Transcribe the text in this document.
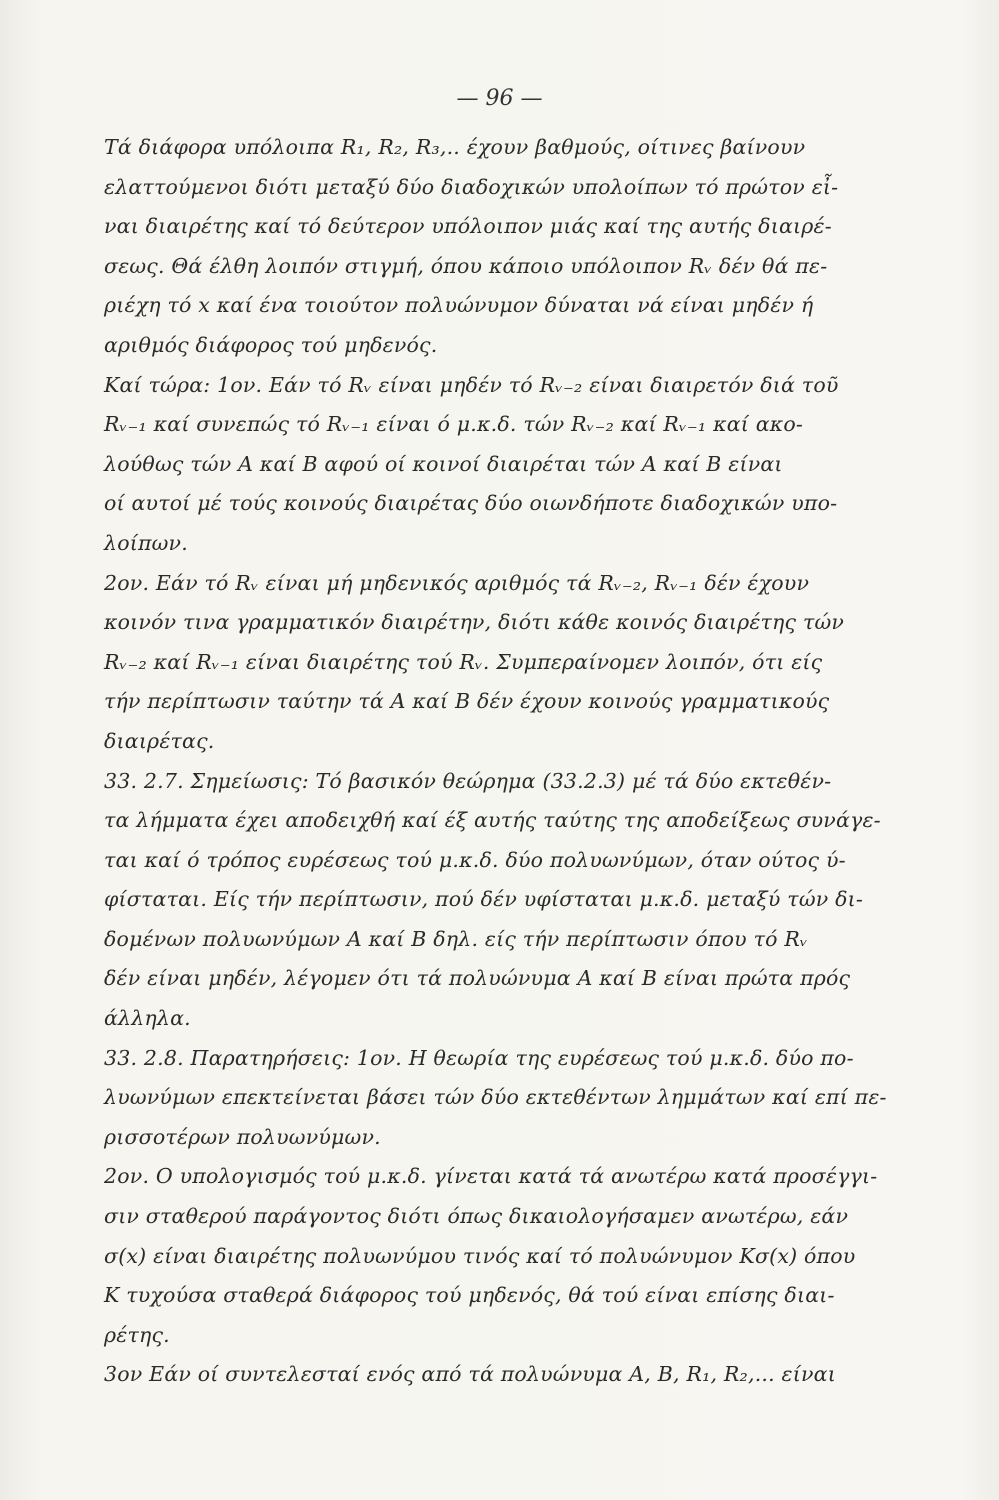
— 96 —
Τά διάφορα υπόλοιπα R₁, R₂, R₃,.. έχουν βαθμούς, οίτινες βαίνουν
ελαττούμενοι διότι μεταξύ δύο διαδοχικών υπολοίπων τό πρώτον εἶ-
ναι διαιρέτης καί τό δεύτερον υπόλοιπον μιάς καί της αυτής διαιρέ-
σεως. Θά έλθη λοιπόν στιγμή, όπου κάποιο υπόλοιπον Rᵥ δέν θά πε-
ριέχη τό x καί ένα τοιούτον πολυώνυμον δύναται νά είναι μηδέν ή
αριθμός διάφορος τού μηδενός.
Καί τώρα: 1ον. Εάν τό Rᵥ είναι μηδέν τό Rᵥ₋₂ είναι διαιρετόν διά τοῦ
Rᵥ₋₁ καί συνεπώς τό Rᵥ₋₁ είναι ό μ.κ.δ. τών Rᵥ₋₂ καί Rᵥ₋₁ καί ακο-
λούθως τών Α καί Β αφού οί κοινοί διαιρέται τών Α καί Β είναι
οί αυτοί μέ τούς κοινούς διαιρέτας δύο οιωνδήποτε διαδοχικών υπο-
λοίπων.
2ον. Εάν τό Rᵥ είναι μή μηδενικός αριθμός τά Rᵥ₋₂, Rᵥ₋₁ δέν έχουν
κοινόν τινα γραμματικόν διαιρέτην, διότι κάθε κοινός διαιρέτης τών
Rᵥ₋₂ καί Rᵥ₋₁ είναι διαιρέτης τού Rᵥ. Συμπεραίνομεν λοιπόν, ότι είς
τήν περίπτωσιν ταύτην τά Α καί Β δέν έχουν κοινούς γραμματικούς
διαιρέτας.
33. 2.7. Σημείωσις: Τό βασικόν θεώρημα (33.2.3) μέ τά δύο εκτεθέν-
τα λήμματα έχει αποδειχθή καί έξ αυτής ταύτης της αποδείξεως συνάγε-
ται καί ό τρόπος ευρέσεως τού μ.κ.δ. δύο πολυωνύμων, όταν ούτος ύ-
φίσταται. Είς τήν περίπτωσιν, πού δέν υφίσταται μ.κ.δ. μεταξύ τών δι-
δομένων πολυωνύμων Α καί Β δηλ. είς τήν περίπτωσιν όπου τό Rᵥ
δέν είναι μηδέν, λέγομεν ότι τά πολυώνυμα Α καί Β είναι πρώτα πρός
άλληλα.
33. 2.8. Παρατηρήσεις: 1ον. Η θεωρία της ευρέσεως τού μ.κ.δ. δύο πο-
λυωνύμων επεκτείνεται βάσει τών δύο εκτεθέντων λημμάτων καί επί πε-
ρισσοτέρων πολυωνύμων.
2ον. Ο υπολογισμός τού μ.κ.δ. γίνεται κατά τά ανωτέρω κατά προσέγγι-
σιν σταθερού παράγοντος διότι όπως δικαιολογήσαμεν ανωτέρω, εάν
σ(x) είναι διαιρέτης πολυωνύμου τινός καί τό πολυώνυμον Κσ(x) όπου
Κ τυχούσα σταθερά διάφορος τού μηδενός, θά τού είναι επίσης διαι-
ρέτης.
3ον Εάν οί συντελεσταί ενός από τά πολυώνυμα Α, Β, R₁, R₂,... είναι
